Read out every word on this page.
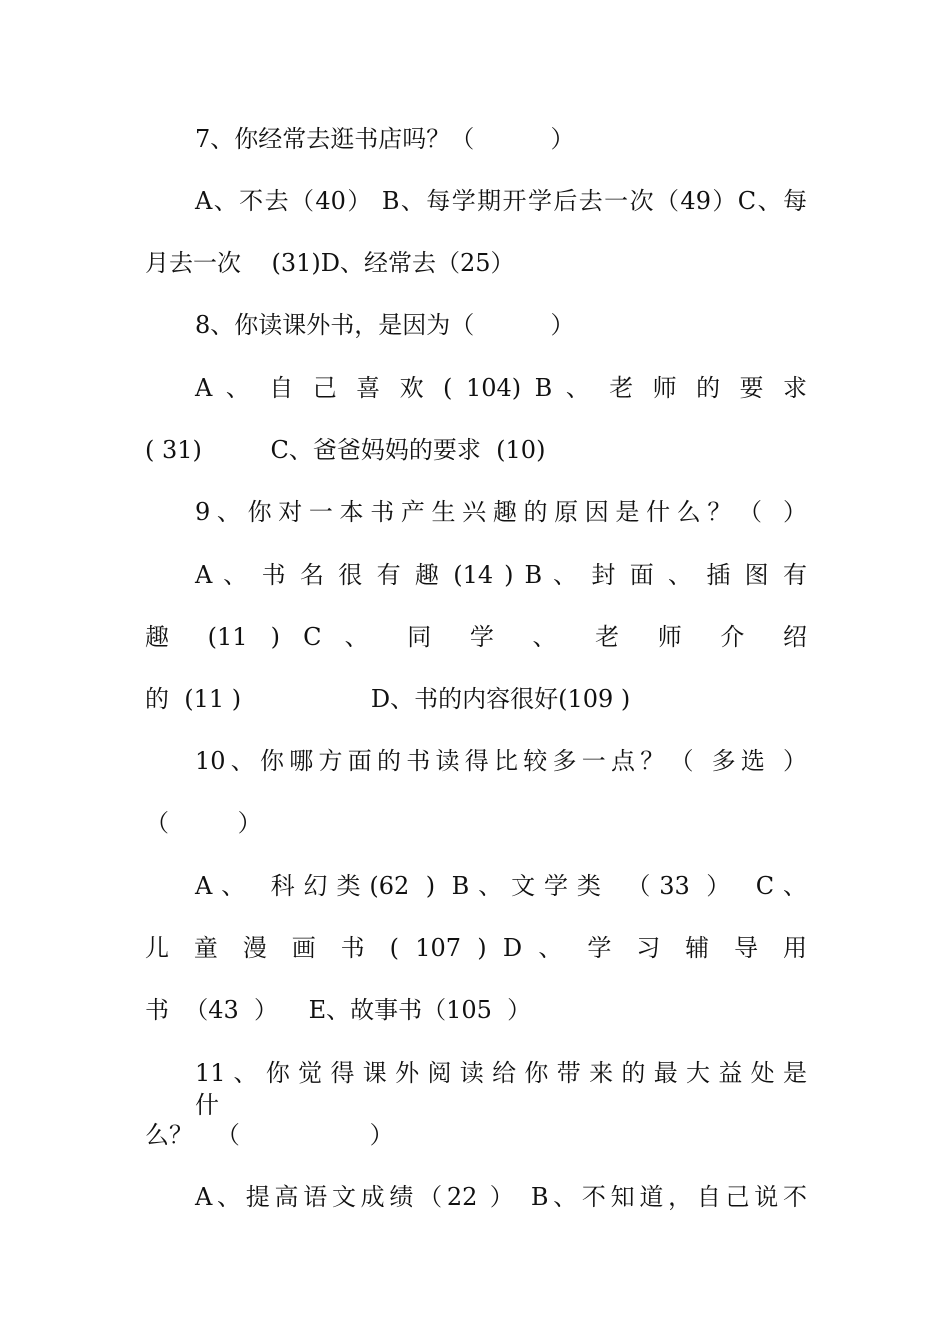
7、你经常去逛书店吗？（          ）
A、不去（40） B、每学期开学后去一次（49）C、每
月去一次    (31)D、经常去（25）
8、你读课外书，是因为（          ）
A 、 自 己 喜 欢 ( 104) B 、 老 师 的 要 求
( 31)         C、爸爸妈妈的要求  (10)
9、你对一本书产生兴趣的原因是什么？（ ）
A 、 书 名 很 有 趣 (14 ) B 、 封 面 、 插 图 有
趣 (11 ) C 、 同 学 、 老 师 介 绍
的  (11 )                 D、书的内容很好(109 )
10、你哪方面的书读得比较多一点？（ 多选 ）
（         ）
A、 科幻类(62 ) B、文学类 （33 ） C、
儿 童 漫 画 书 ( 107 ) D 、 学 习 辅 导 用
书  （43  ）    E、故事书（105  ）
11 、 你 觉 得 课 外 阅 读 给 你 带 来 的 最 大 益 处 是 什
么？   （                 ）
A、提高语文成绩（22 ） B、不知道，自己说不
